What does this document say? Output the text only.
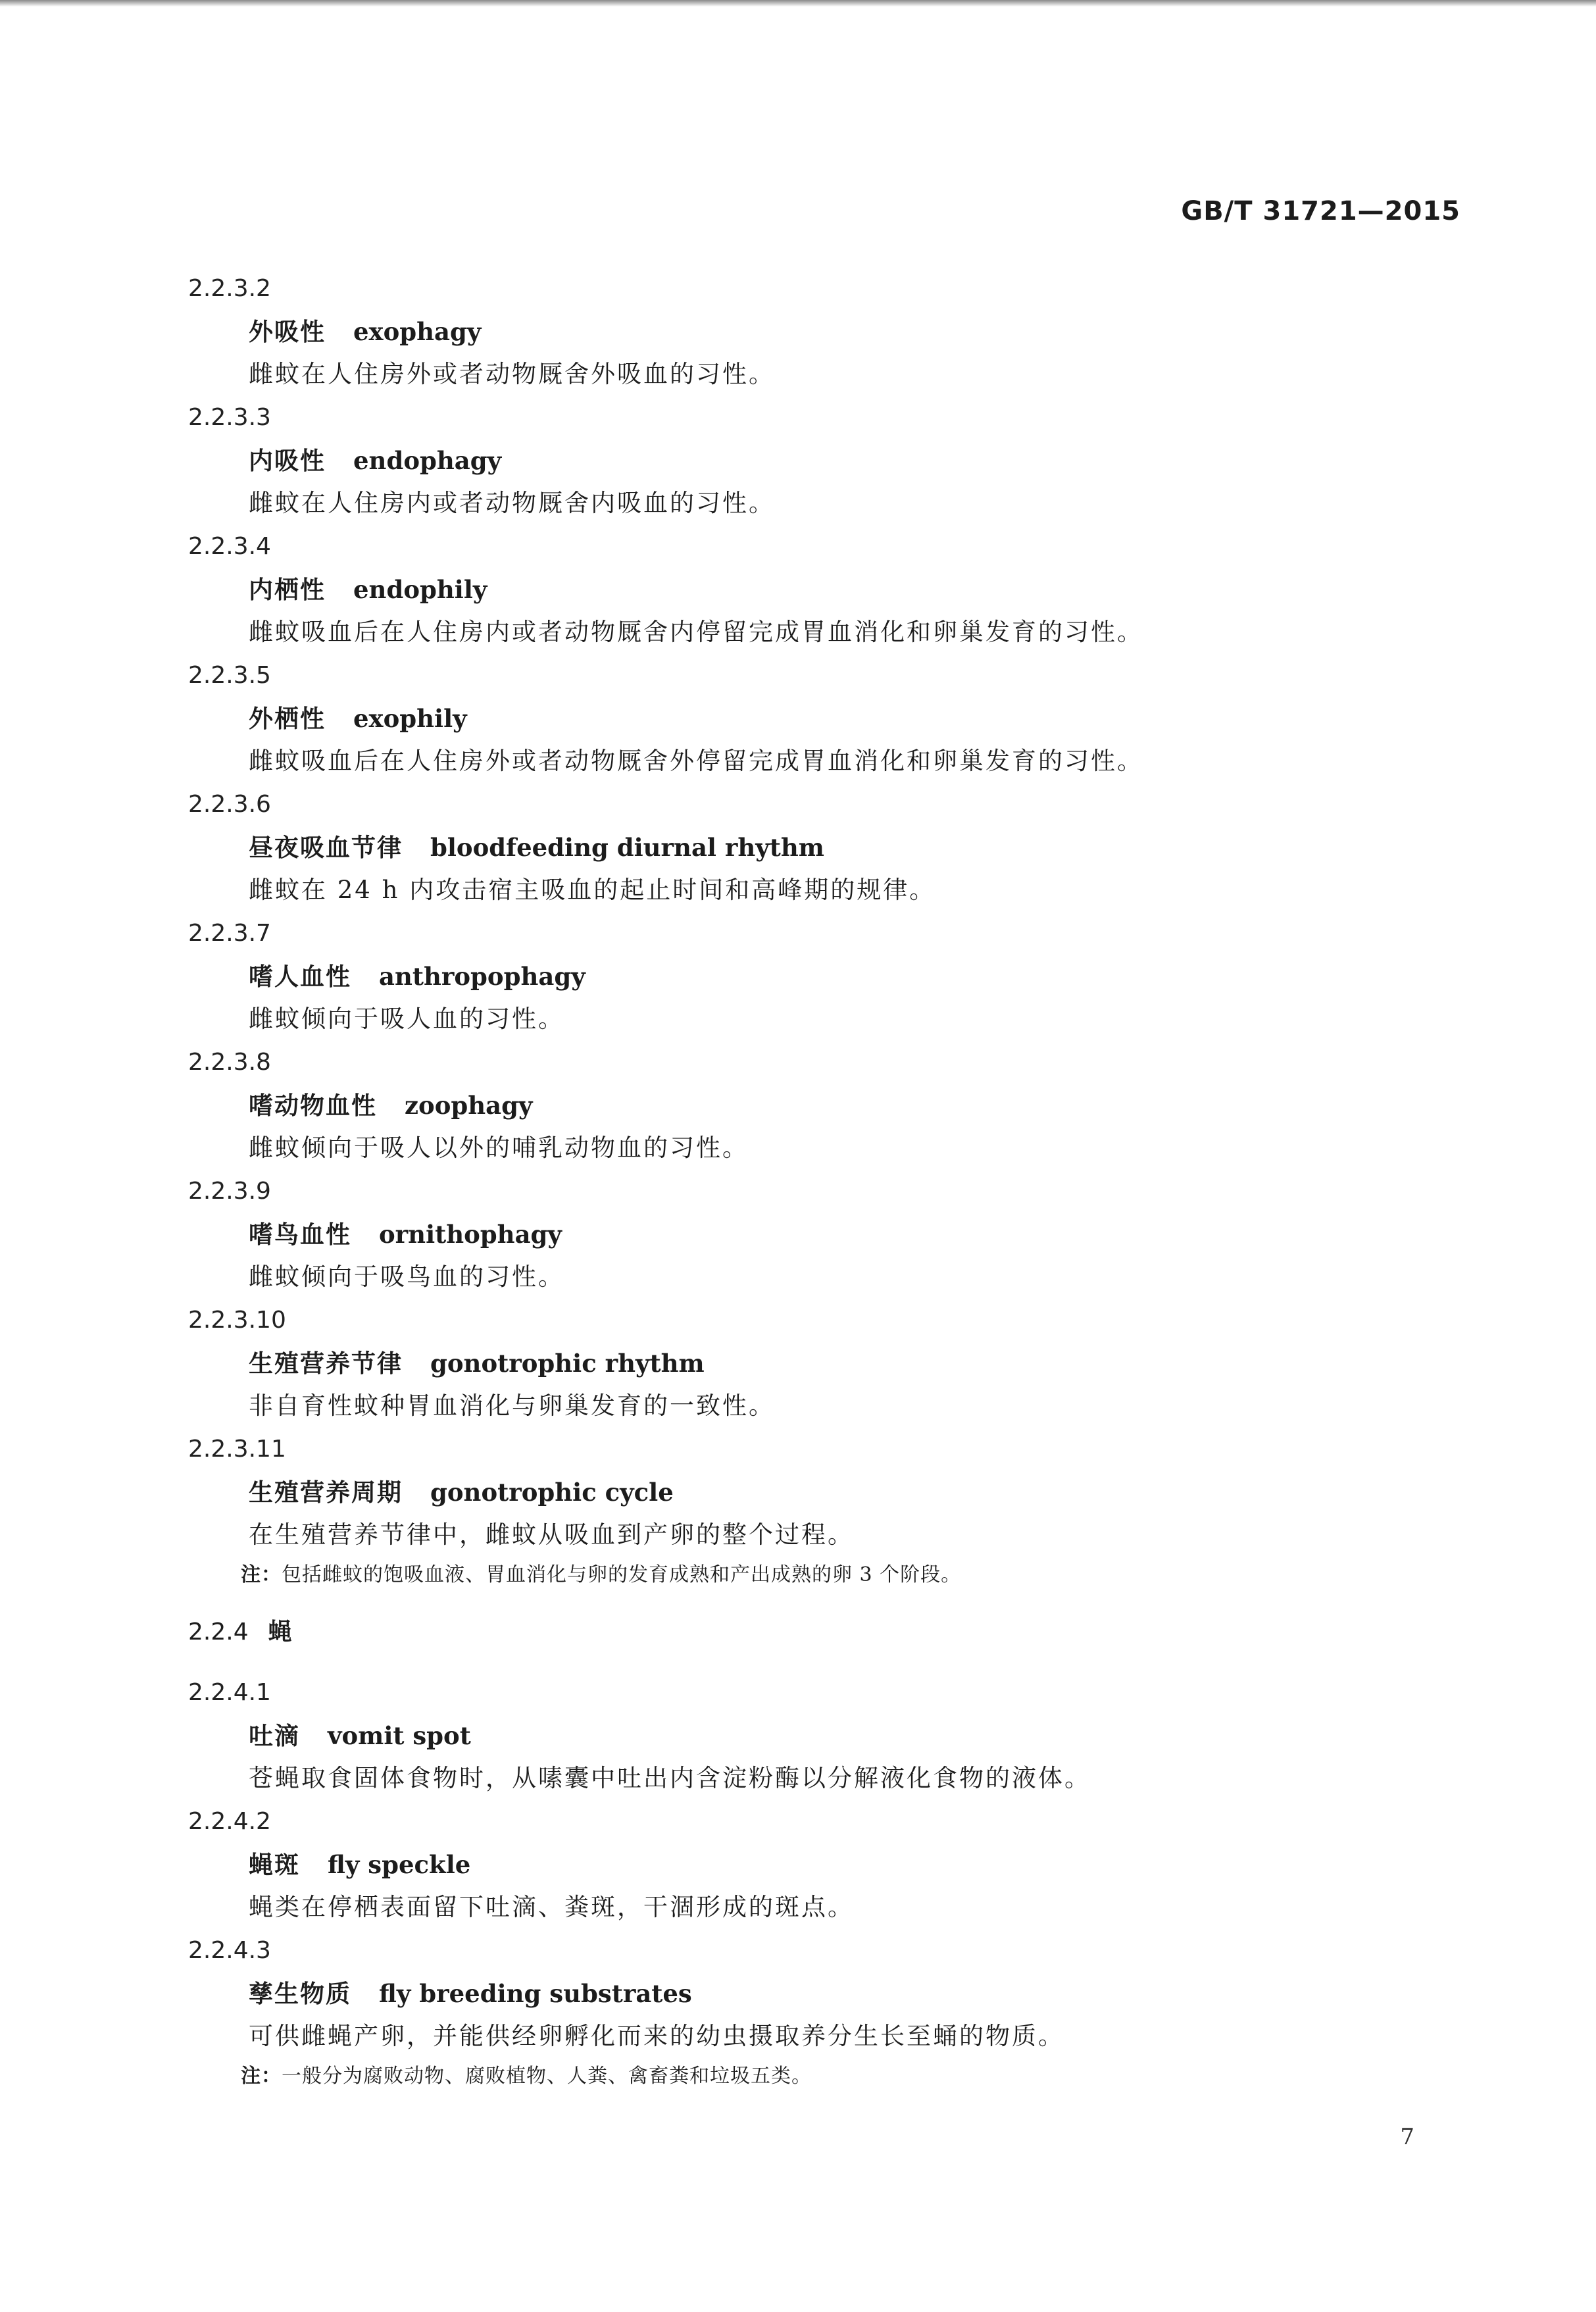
GB/T 31721—2015
2.2.3.2
外吸性 exophagy
雌蚊在人住房外或者动物厩舍外吸血的习性。
2.2.3.3
内吸性 endophagy
雌蚊在人住房内或者动物厩舍内吸血的习性。
2.2.3.4
内栖性 endophily
雌蚊吸血后在人住房内或者动物厩舍内停留完成胃血消化和卵巢发育的习性。
2.2.3.5
外栖性 exophily
雌蚊吸血后在人住房外或者动物厩舍外停留完成胃血消化和卵巢发育的习性。
2.2.3.6
昼夜吸血节律 bloodfeeding diurnal rhythm
雌蚊在 24 h 内攻击宿主吸血的起止时间和高峰期的规律。
2.2.3.7
嗜人血性 anthropophagy
雌蚊倾向于吸人血的习性。
2.2.3.8
嗜动物血性 zoophagy
雌蚊倾向于吸人以外的哺乳动物血的习性。
2.2.3.9
嗜鸟血性 ornithophagy
雌蚊倾向于吸鸟血的习性。
2.2.3.10
生殖营养节律 gonotrophic rhythm
非自育性蚊种胃血消化与卵巢发育的一致性。
2.2.3.11
生殖营养周期 gonotrophic cycle
在生殖营养节律中，雌蚊从吸血到产卵的整个过程。
注：包括雌蚊的饱吸血液、胃血消化与卵的发育成熟和产出成熟的卵 3 个阶段。
2.2.4 蝇
2.2.4.1
吐滴 vomit spot
苍蝇取食固体食物时，从嗉囊中吐出内含淀粉酶以分解液化食物的液体。
2.2.4.2
蝇斑 fly speckle
蝇类在停栖表面留下吐滴、粪斑，干涸形成的斑点。
2.2.4.3
孳生物质 fly breeding substrates
可供雌蝇产卵，并能供经卵孵化而来的幼虫摄取养分生长至蛹的物质。
注：一般分为腐败动物、腐败植物、人粪、禽畜粪和垃圾五类。
7
